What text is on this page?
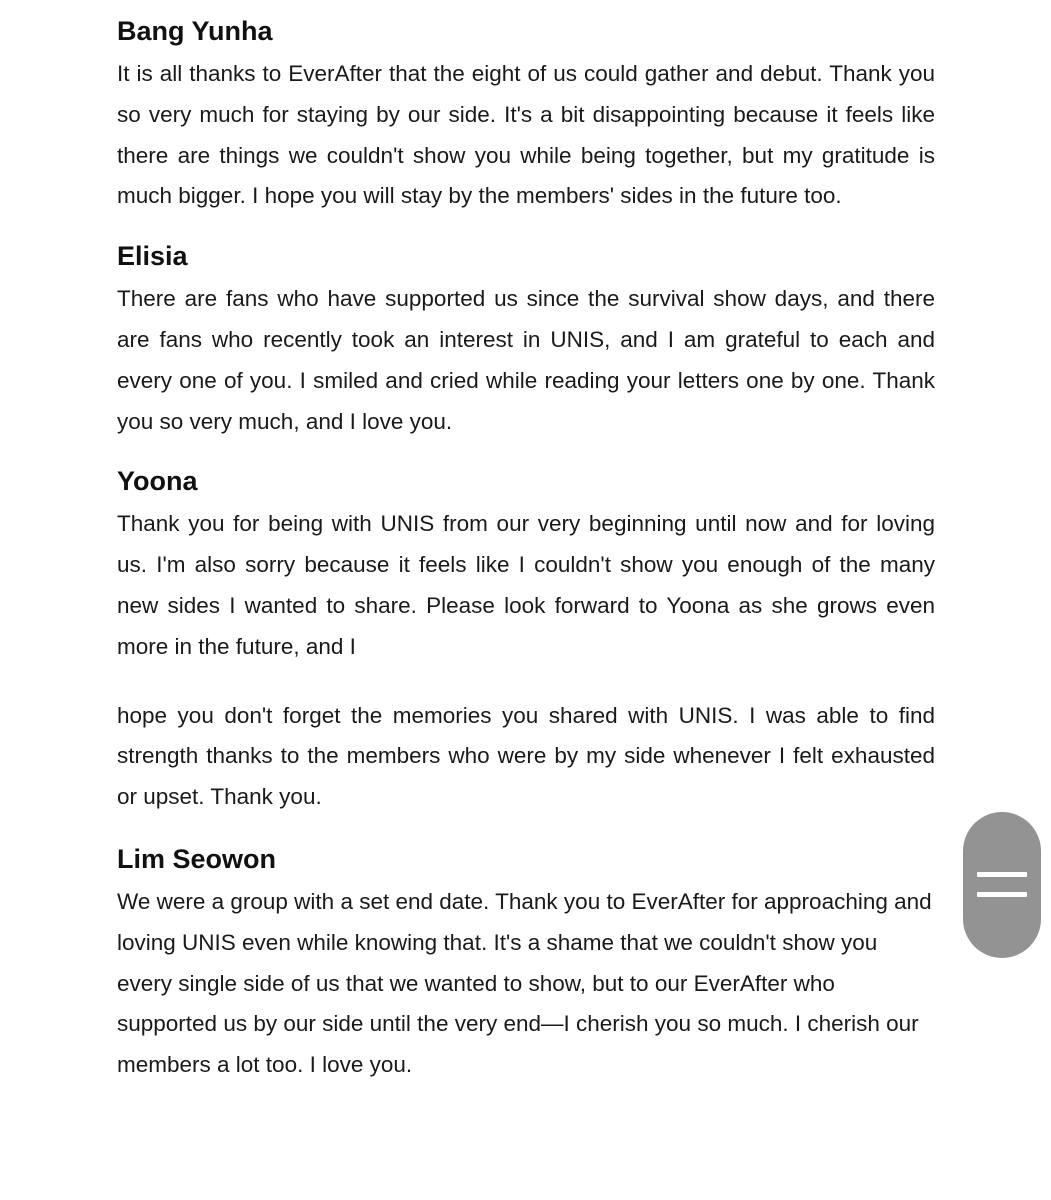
Bang Yunha

It is all thanks to EverAfter that the eight of us could gather and debut. Thank you so very much for staying by our side. It's a bit disappointing because it feels like there are things we couldn't show you while being together, but my gratitude is much bigger. I hope you will stay by the members' sides in the future too.

Elisia

There are fans who have supported us since the survival show days, and there are fans who recently took an interest in UNIS, and I am grateful to each and every one of you. I smiled and cried while reading your letters one by one. Thank you so very much, and I love you.

Yoona

Thank you for being with UNIS from our very beginning until now and for loving us. I'm also sorry because it feels like I couldn't show you enough of the many new sides I wanted to share. Please look forward to Yoona as she grows even more in the future, and I

hope you don't forget the memories you shared with UNIS. I was able to find strength thanks to the members who were by my side whenever I felt exhausted or upset. Thank you.

Lim Seowon

We were a group with a set end date. Thank you to EverAfter for approaching and loving UNIS even while knowing that. It's a shame that we couldn't show you every single side of us that we wanted to show, but to our EverAfter who supported us by our side until the very end—I cherish you so much. I cherish our members a lot too. I love you.
